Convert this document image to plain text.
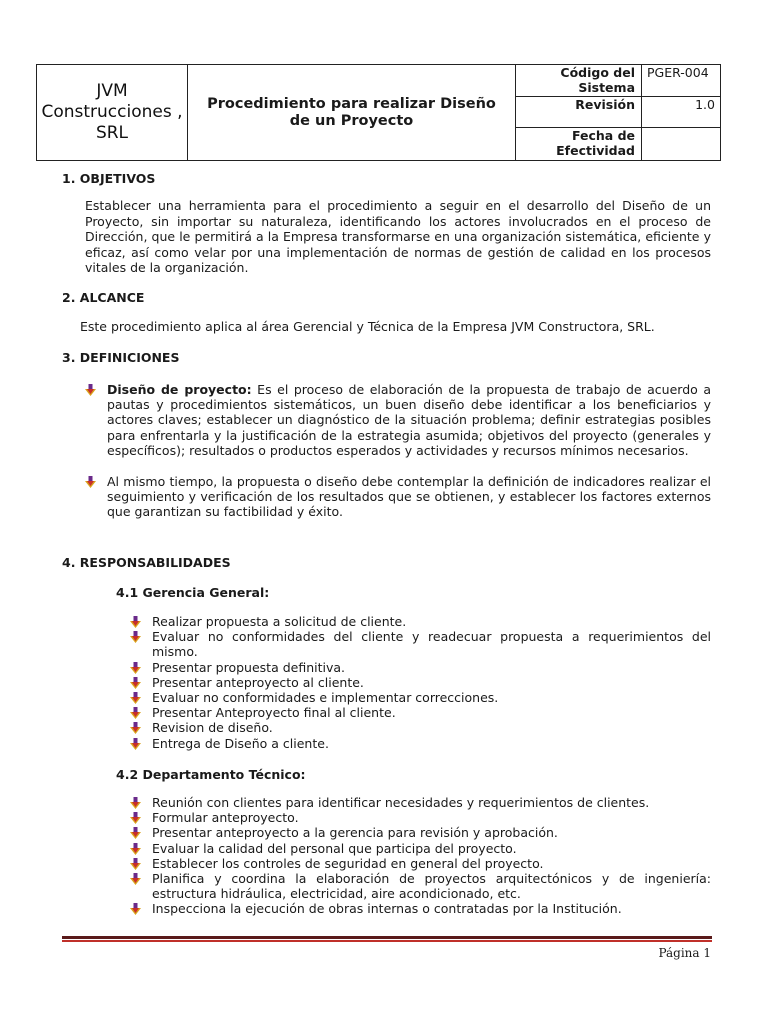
JVM Construcciones , SRL
Procedimiento para realizar Diseño de un Proyecto
Código del Sistema
PGER-004
Revisión	1.0
Fecha de Efectividad
1. OBJETIVOS
Establecer una herramienta para el procedimiento a seguir en el desarrollo del Diseño de un Proyecto, sin importar su naturaleza, identificando los actores involucrados en el proceso de Dirección, que le permitirá a la Empresa transformarse en una organización sistemática, eficiente y eficaz, así como velar por una implementación de normas de gestión de calidad en los procesos vitales de la organización.
2. ALCANCE
Este procedimiento aplica al área Gerencial y Técnica de la Empresa JVM Constructora, SRL.
3. DEFINICIONES
Diseño de proyecto: Es el proceso de elaboración de la propuesta de trabajo de acuerdo a pautas y procedimientos sistemáticos, un buen diseño debe identificar a los beneficiarios y actores claves; establecer un diagnóstico de la situación problema; definir estrategias posibles para enfrentarla y la justificación de la estrategia asumida; objetivos del proyecto (generales y específicos); resultados o productos esperados y actividades y recursos mínimos necesarios.
Al mismo tiempo, la propuesta o diseño debe contemplar la definición de indicadores realizar el seguimiento y verificación de los resultados que se obtienen, y establecer los factores externos que garantizan su factibilidad y éxito.
4. RESPONSABILIDADES
4.1 Gerencia General:
Realizar propuesta a solicitud de cliente.
Evaluar no conformidades del cliente y readecuar propuesta a requerimientos del mismo.
Presentar propuesta definitiva.
Presentar anteproyecto al cliente.
Evaluar no conformidades e implementar correcciones.
Presentar Anteproyecto final al cliente.
Revision de diseño.
Entrega de Diseño a cliente.
4.2 Departamento Técnico:
Reunión con clientes para identificar necesidades y requerimientos de clientes.
Formular anteproyecto.
Presentar anteproyecto a la gerencia para revisión y aprobación.
Evaluar la calidad del personal que participa del proyecto.
Establecer los controles de seguridad en general del proyecto.
Planifica y coordina la elaboración de proyectos arquitectónicos y de ingeniería: estructura hidráulica, electricidad, aire acondicionado, etc.
Inspecciona la ejecución de obras internas o contratadas por la Institución.
Página 1
